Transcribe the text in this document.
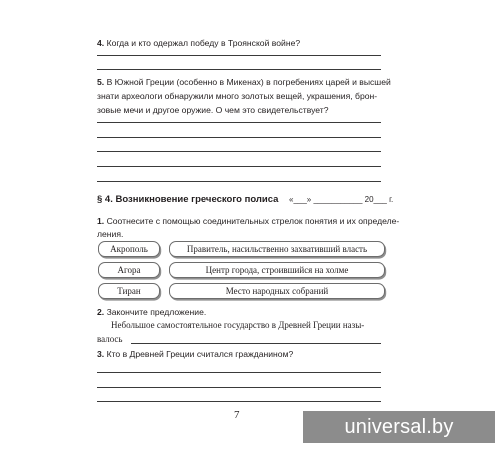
4. Когда и кто одержал победу в Троянской войне?
5. В Южной Греции (особенно в Микенах) в погребениях царей и высшей
знати археологи обнаружили много золотых вещей, украшения, брон-
зовые мечи и другое оружие. О чем это свидетельствует?
§ 4. Возникновение греческого полиса «___» ___________ 20___ г.
1. Соотнесите с помощью соединительных стрелок понятия и их определе-
ления.
Акрополь
Агора
Тиран
Правитель, насильственно захвативший власть
Центр города, строившийся на холме
Место народных собраний
2. Закончите предложение.
Небольшое самостоятельное государство в Древней Греции назы-
валось
3. Кто в Древней Греции считался гражданином?
7
universal.by
